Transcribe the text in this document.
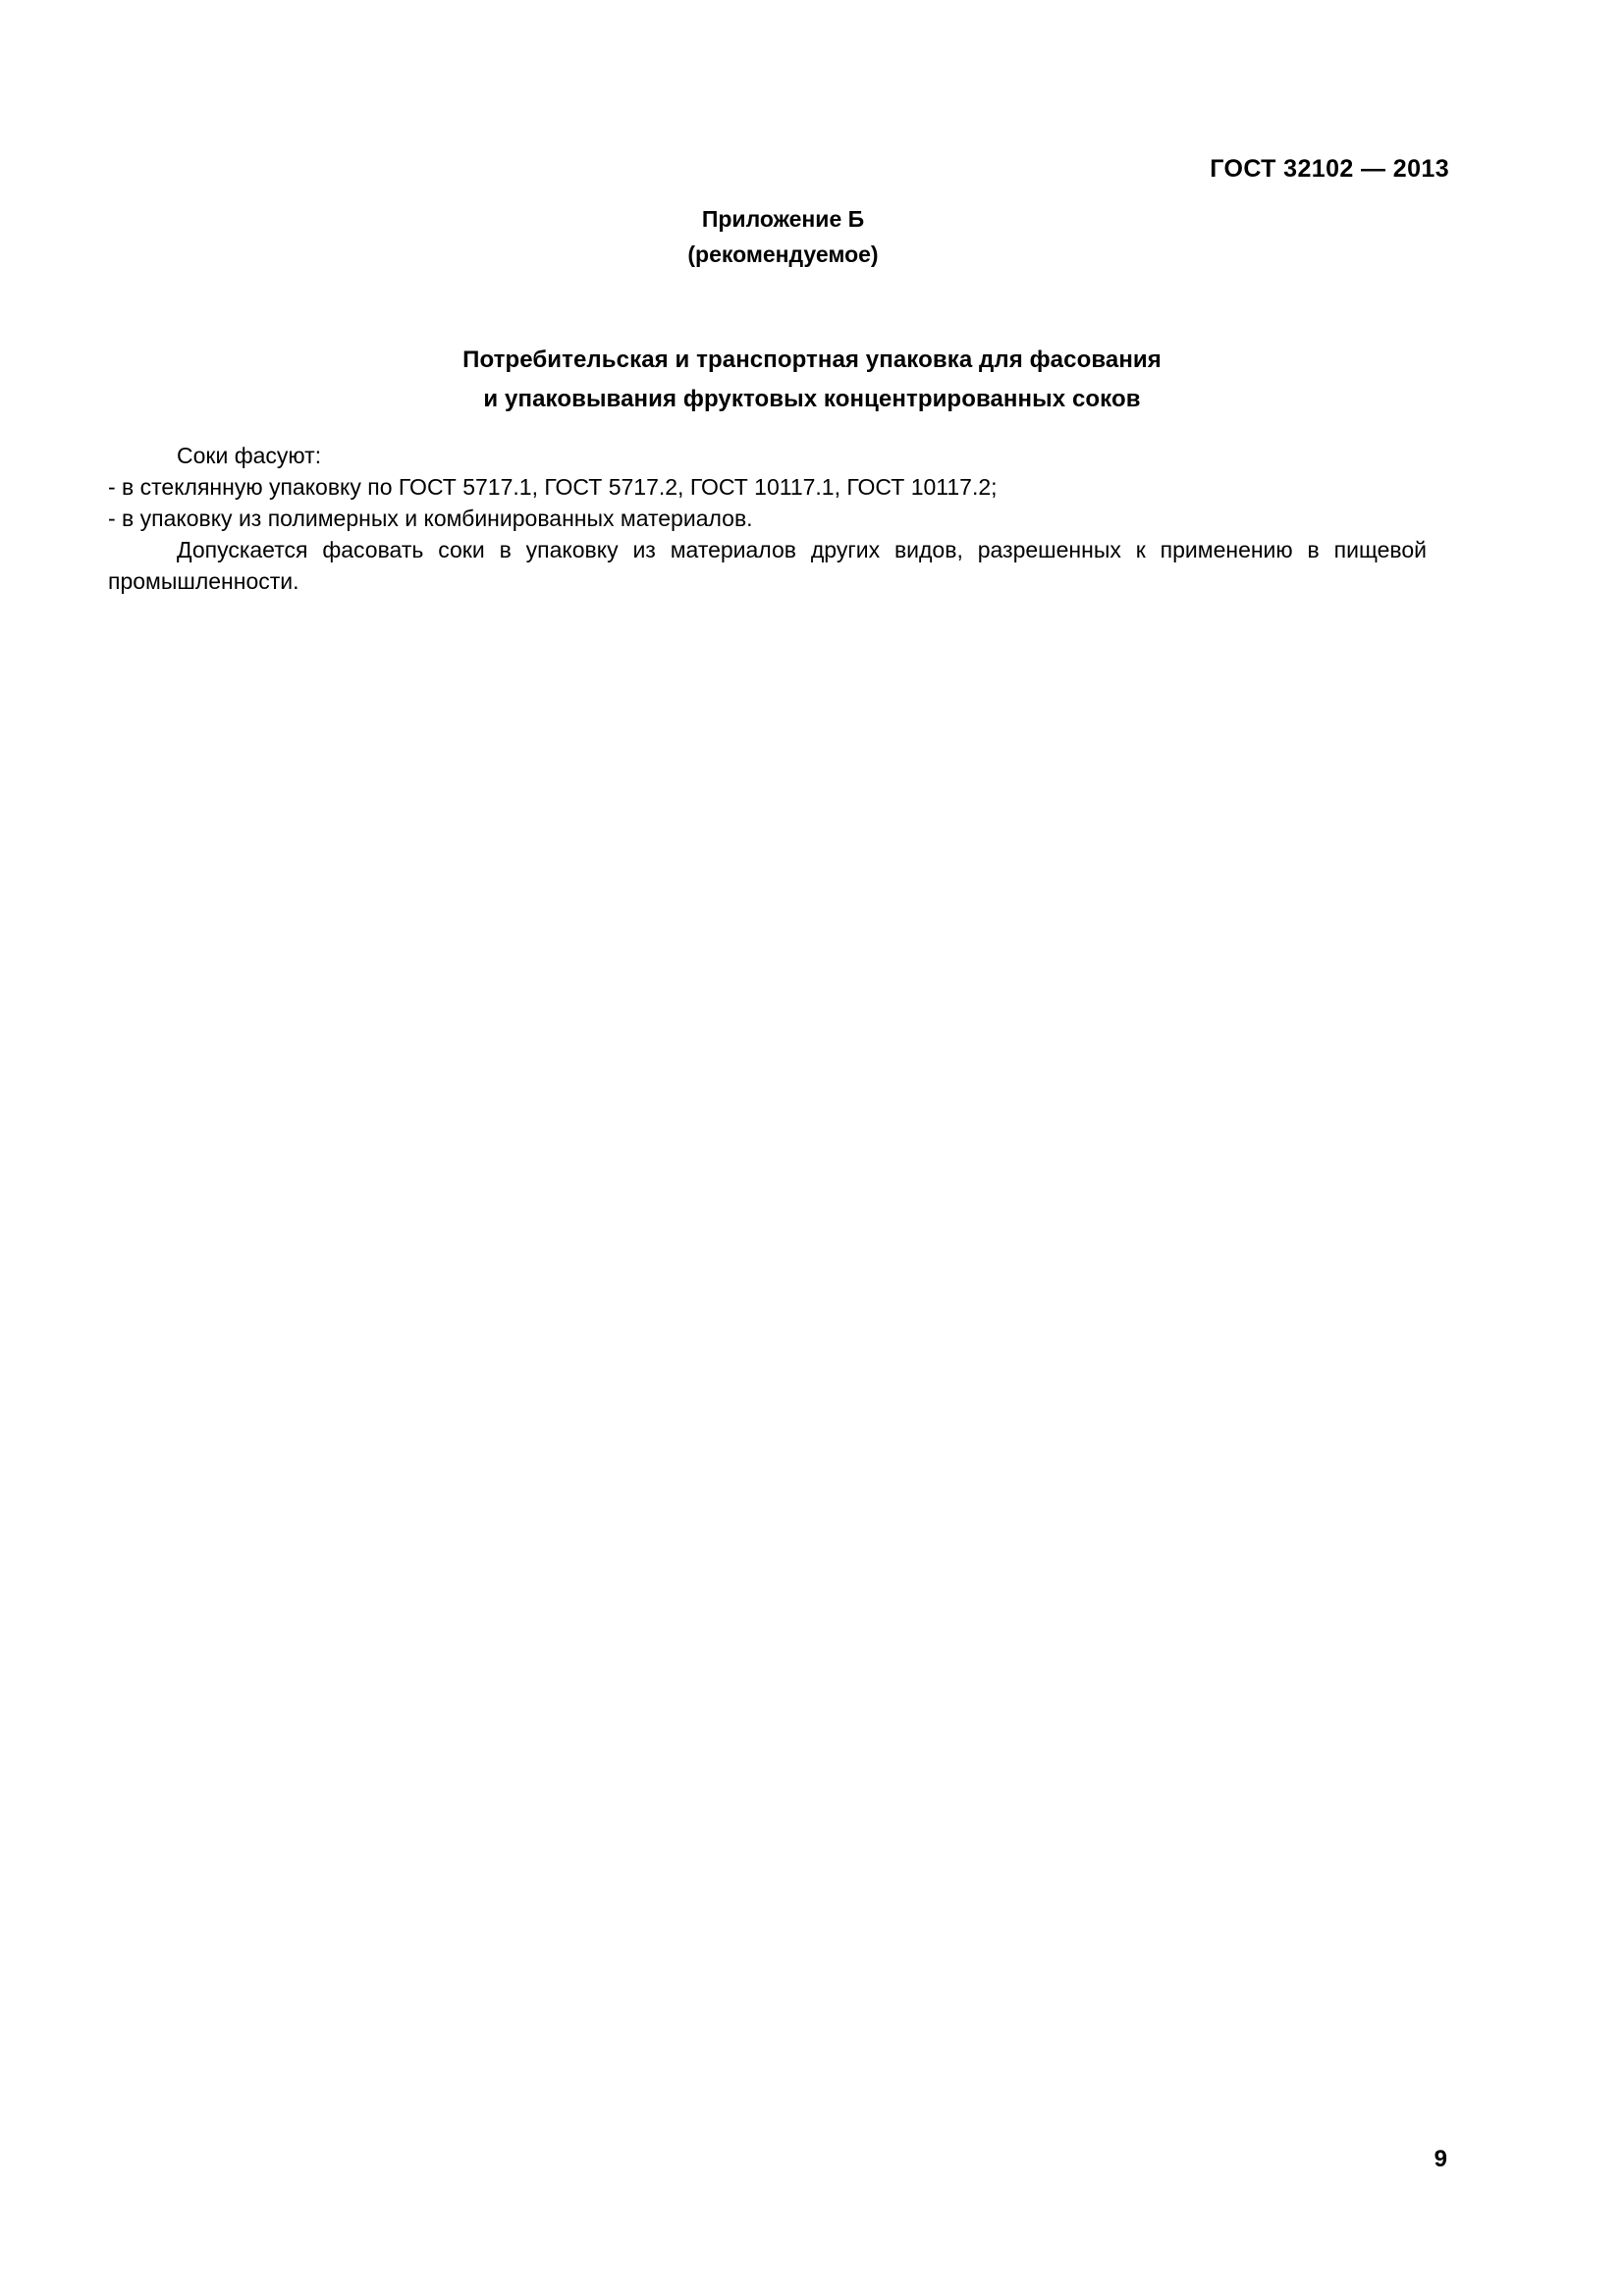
ГОСТ 32102 — 2013
Приложение Б
(рекомендуемое)
Потребительская и транспортная упаковка для фасования
и упаковывания фруктовых концентрированных соков

Соки фасуют:

- в стеклянную упаковку по ГОСТ 5717.1, ГОСТ 5717.2, ГОСТ 10117.1, ГОСТ 10117.2;

- в упаковку из полимерных и комбинированных материалов.

Допускается фасовать соки в упаковку из материалов других видов, разрешенных к применению в пищевой промышленности.

9
